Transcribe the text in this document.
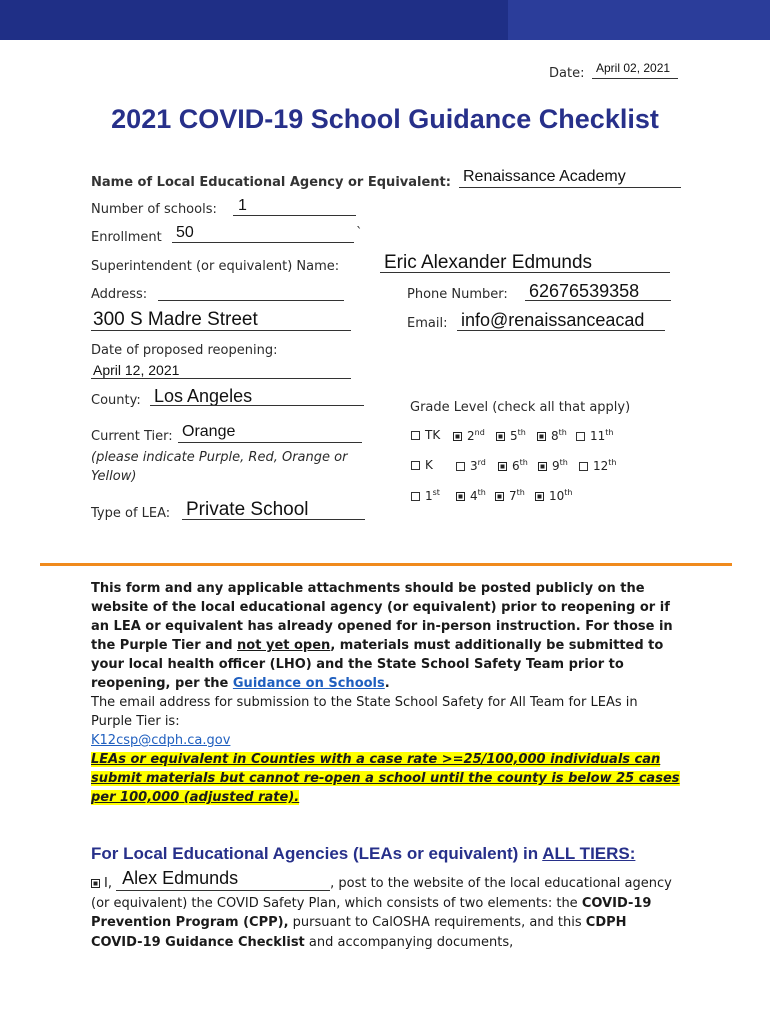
Date: April 02, 2021
2021 COVID-19 School Guidance Checklist
Name of Local Educational Agency or Equivalent: Renaissance Academy
Number of schools: 1
Enrollment 50	`
Superintendent (or equivalent) Name: Eric Alexander Edmunds
Address:	Phone Number: 62676539358
300 S Madre Street	Email: info@renaissanceacad
Date of proposed reopening:
April 12, 2021
County: Los Angeles
Grade Level (check all that apply)
TK	2nd	5th	8th	11th
K	3rd	6th	9th	12th
1st	4th	7th	10th
Current Tier: Orange
(please indicate Purple, Red, Orange or Yellow)
Type of LEA: Private School
This form and any applicable attachments should be posted publicly on the website of the local educational agency (or equivalent) prior to reopening or if an LEA or equivalent has already opened for in-person instruction. For those in the Purple Tier and not yet open, materials must additionally be submitted to your local health officer (LHO) and the State School Safety Team prior to reopening, per the Guidance on Schools.
The email address for submission to the State School Safety for All Team for LEAs in Purple Tier is:
K12csp@cdph.ca.gov
LEAs or equivalent in Counties with a case rate >=25/100,000 individuals can submit materials but cannot re-open a school until the county is below 25 cases per 100,000 (adjusted rate).
For Local Educational Agencies (LEAs or equivalent) in ALL TIERS:
I, Alex Edmunds	, post to the website of the local educational agency (or equivalent) the COVID Safety Plan, which consists of two elements: the COVID-19 Prevention Program (CPP), pursuant to CalOSHA requirements, and this CDPH COVID-19 Guidance Checklist and accompanying documents,
